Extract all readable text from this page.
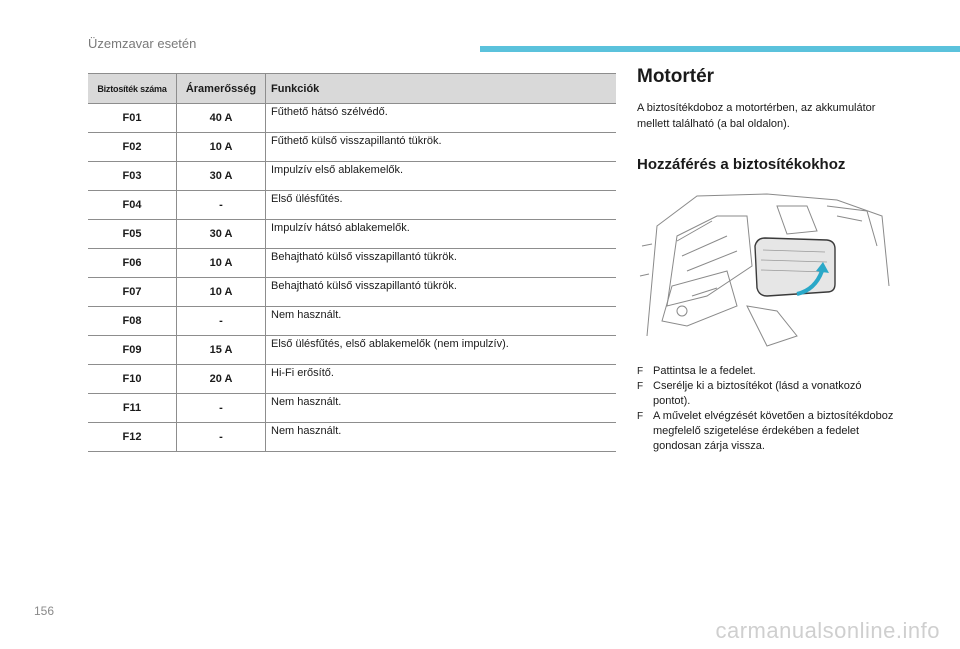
Üzemzavar esetén
Biztosíték száma	Áramerősség	Funkciók
F01	40 A	Fűthető hátsó szélvédő.
F02	10 A	Fűthető külső visszapillantó tükrök.
F03	30 A	Impulzív első ablakemelők.
F04	-	Első ülésfűtés.
F05	30 A	Impulzív hátsó ablakemelők.
F06	10 A	Behajtható külső visszapillantó tükrök.
F07	10 A	Behajtható külső visszapillantó tükrök.
F08	-	Nem használt.
F09	15 A	Első ülésfűtés, első ablakemelők (nem impulzív).
F10	20 A	Hi-Fi erősítő.
F11	-	Nem használt.
F12	-	Nem használt.
Motortér

A biztosítékdoboz a motortérben, az akkumulátor mellett található (a bal oldalon).

Hozzáférés a biztosítékokhoz
F Pattintsa le a fedelet.
F Cserélje ki a biztosítékot (lásd a vonatkozó pontot).
F A művelet elvégzését követően a biztosítékdoboz megfelelő szigetelése érdekében a fedelet gondosan zárja vissza.
156
carmanualsonline.info
